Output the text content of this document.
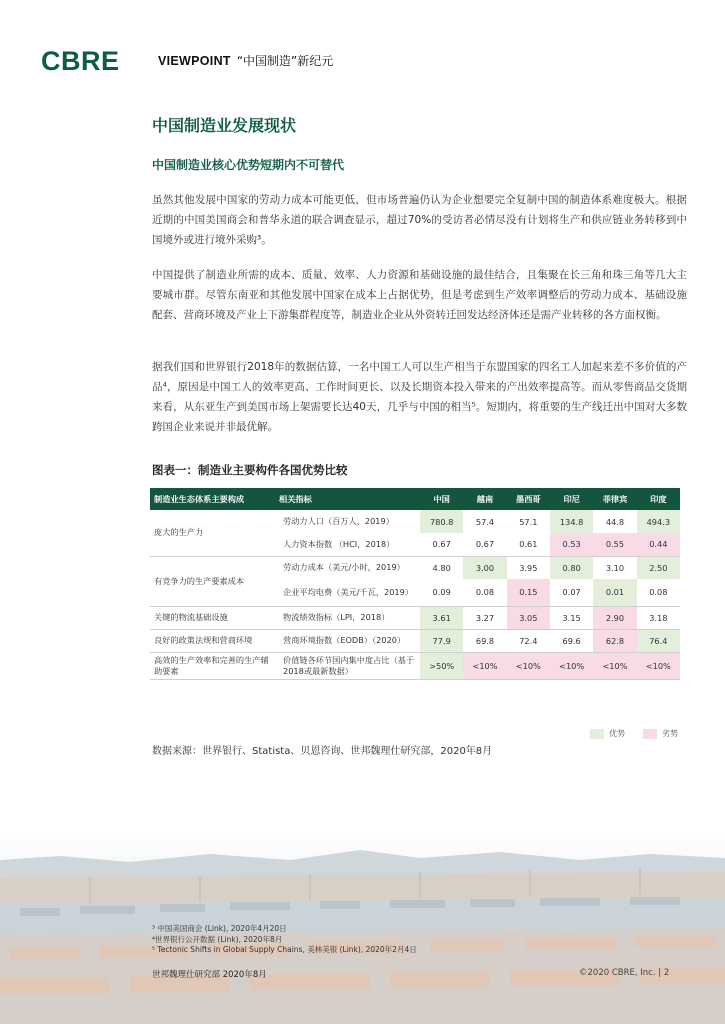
CBRE	VIEWPOINT “中国制造”新纪元
中国制造业发展现状
中国制造业核心优势短期内不可替代

虽然其他发展中国家的劳动力成本可能更低，但市场普遍仍认为企业想要完全复制中国的制造体系难度极大。根据近期的中国美国商会和普华永道的联合调查显示，超过70%的受访者必情尽没有计划将生产和供应链业务转移到中国境外或进行境外采购³。

中国提供了制造业所需的成本、质量、效率、人力资源和基础设施的最佳结合，且集聚在长三角和珠三角等几大主要城市群。尽管东南亚和其他发展中国家在成本上占据优势，但是考虑到生产效率调整后的劳动力成本、基础设施配套、营商环境及产业上下游集群程度等，制造业企业从外资转迁回发达经济体还是需产业转移的各方面权衡。

据我们国和世界银行2018年的数据估算，一名中国工人可以生产相当于东盟国家的四名工人加起来差不多价值的产品⁴，原因是中国工人的效率更高、工作时间更长、以及长期资本投入带来的产出效率提高等。而从零售商品交货期来看，从东亚生产到美国市场上架需要长达40天，几乎与中国的相当⁵。短期内，将重要的生产线迁出中国对大多数跨国企业来说并非最优解。

图表一：制造业主要构件各国优势比较
制造业生态体系主要构成	相关指标	中国	越南	墨西哥	印尼	菲律宾	印度
庞大的生产力	劳动力人口（百万人，2019）	780.8	57.4	57.1	134.8	44.8	494.3
	人力资本指数 （HCI，2018）	0.67	0.67	0.61	0.53	0.55	0.44
有竞争力的生产要素成本	劳动力成本（美元/小时，2019）	4.80	3.00	3.95	0.80	3.10	2.50
	企业平均电费（美元/千瓦，2019）	0.09	0.08	0.15	0.07	0.01	0.08
关键的物流基础设施	物流绩效指标（LPI，2018）	3.61	3.27	3.05	3.15	2.90	3.18
良好的政策法规和营商环境	营商环境指数（EODB）（2020）	77.9	69.8	72.4	69.6	62.8	76.4
高效的生产效率和完善的生产辅助要素	价值链各环节国内集中度占比（基于2018或最新数据）	>50%	<10%	<10%	<10%	<10%	<10%
优势	劣势
数据来源：世界银行、Statista、贝恩咨询、世邦魏理仕研究部，2020年8月
³ 中国美国商会 (Link), 2020年4月20日
⁴世界银行公开数据 (Link), 2020年8月
⁵ Tectonic Shifts in Global Supply Chains, 美林美银 (Link), 2020年2月4日
世邦魏理仕研究部 2020年8月	©2020 CBRE, Inc. | 2
